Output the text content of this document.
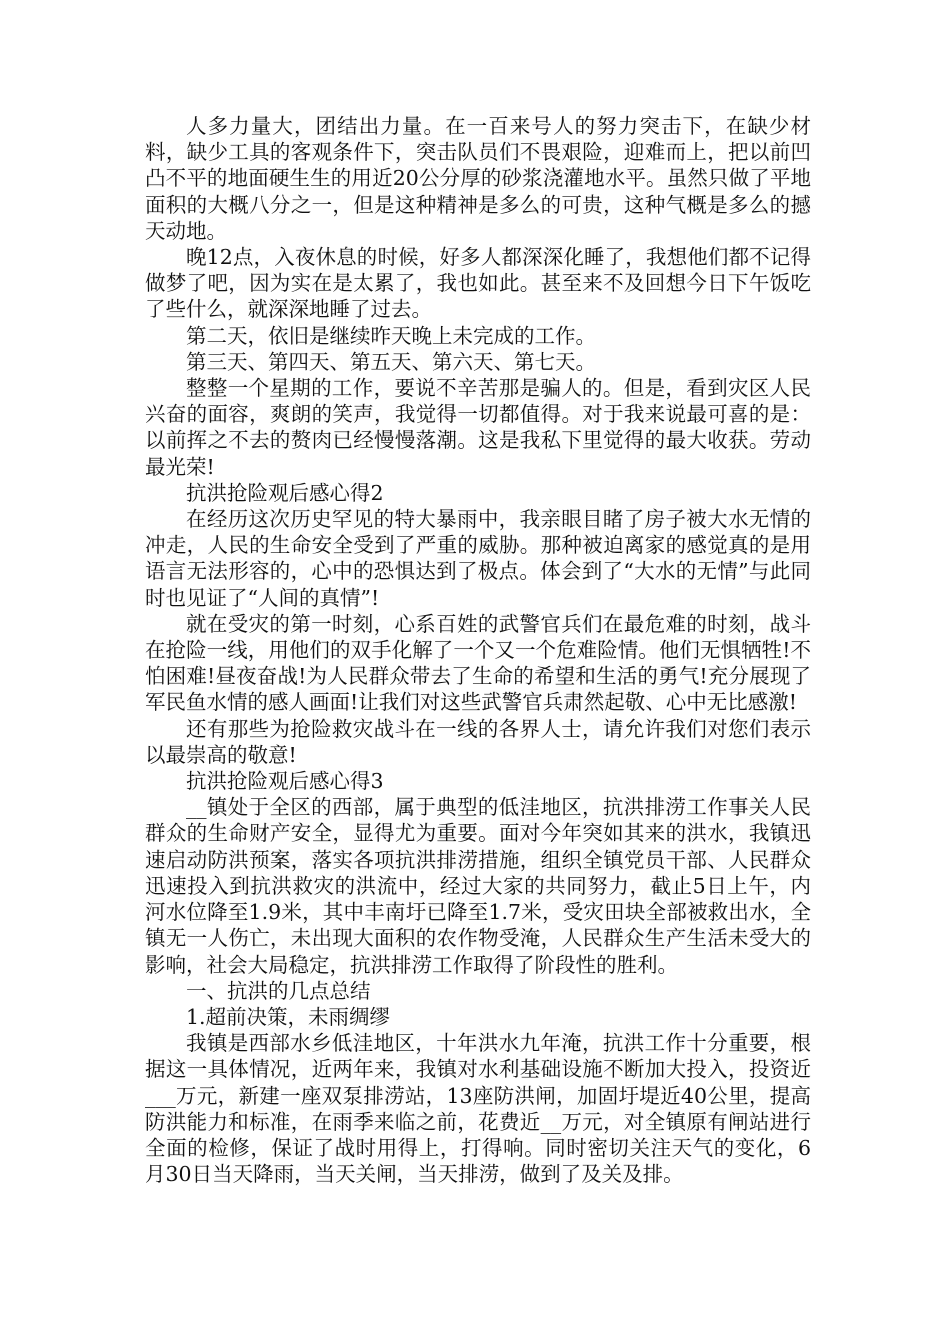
人多力量大，团结出力量。在一百来号人的努力突击下，在缺少材料，缺少工具的客观条件下，突击队员们不畏艰险，迎难而上，把以前凹凸不平的地面硬生生的用近20公分厚的砂浆浇灌地水平。虽然只做了平地面积的大概八分之一，但是这种精神是多么的可贵，这种气概是多么的撼天动地。

晚12点，入夜休息的时候，好多人都深深化睡了，我想他们都不记得做梦了吧，因为实在是太累了，我也如此。甚至来不及回想今日下午饭吃了些什么，就深深地睡了过去。

第二天，依旧是继续昨天晚上未完成的工作。

第三天、第四天、第五天、第六天、第七天。

整整一个星期的工作，要说不辛苦那是骗人的。但是，看到灾区人民兴奋的面容，爽朗的笑声，我觉得一切都值得。对于我来说最可喜的是：以前挥之不去的赘肉已经慢慢落潮。这是我私下里觉得的最大收获。劳动最光荣!

抗洪抢险观后感心得2

在经历这次历史罕见的特大暴雨中，我亲眼目睹了房子被大水无情的冲走，人民的生命安全受到了严重的威胁。那种被迫离家的感觉真的是用语言无法形容的，心中的恐惧达到了极点。体会到了“大水的无情”与此同时也见证了“人间的真情”!

就在受灾的第一时刻，心系百姓的武警官兵们在最危难的时刻，战斗在抢险一线，用他们的双手化解了一个又一个危难险情。他们无惧牺牲!不怕困难!昼夜奋战!为人民群众带去了生命的希望和生活的勇气!充分展现了军民鱼水情的感人画面!让我们对这些武警官兵肃然起敬、心中无比感激!

还有那些为抢险救灾战斗在一线的各界人士，请允许我们对您们表示以最崇高的敬意!

抗洪抢险观后感心得3

__镇处于全区的西部，属于典型的低洼地区，抗洪排涝工作事关人民群众的生命财产安全，显得尤为重要。面对今年突如其来的洪水，我镇迅速启动防洪预案，落实各项抗洪排涝措施，组织全镇党员干部、人民群众迅速投入到抗洪救灾的洪流中，经过大家的共同努力，截止5日上午，内河水位降至1.9米，其中丰南圩已降至1.7米，受灾田块全部被救出水，全镇无一人伤亡，未出现大面积的农作物受淹，人民群众生产生活未受大的影响，社会大局稳定，抗洪排涝工作取得了阶段性的胜利。

一、抗洪的几点总结

1.超前决策，未雨绸缪

我镇是西部水乡低洼地区，十年洪水九年淹，抗洪工作十分重要，根据这一具体情况，近两年来，我镇对水利基础设施不断加大投入，投资近___万元，新建一座双泵排涝站，13座防洪闸，加固圩堤近40公里，提高防洪能力和标准，在雨季来临之前，花费近__万元，对全镇原有闸站进行全面的检修，保证了战时用得上，打得响。同时密切关注天气的变化，6月30日当天降雨，当天关闸，当天排涝，做到了及关及排。
